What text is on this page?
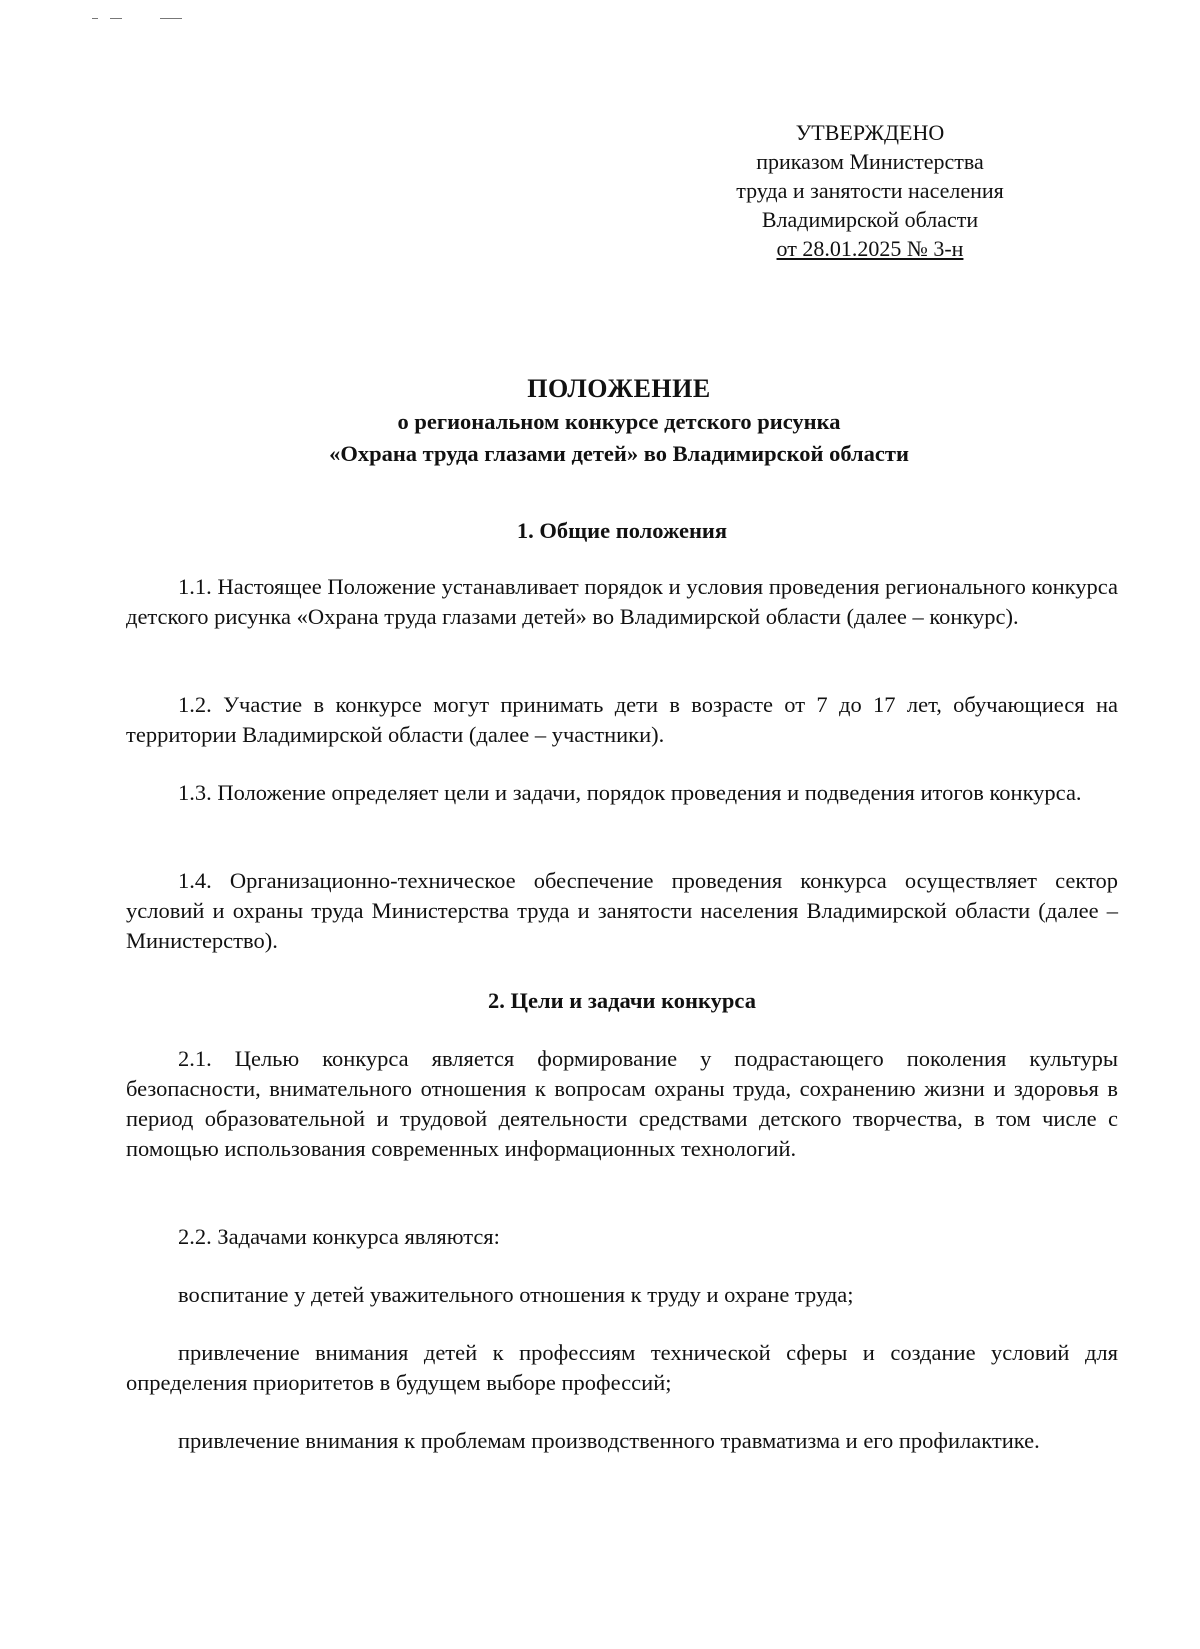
УТВЕРЖДЕНО
приказом Министерства
труда и занятости населения
Владимирской области
от 28.01.2025 № 3-н

ПОЛОЖЕНИЕ

о региональном конкурсе детского рисунка

«Охрана труда глазами детей» во Владимирской области

1. Общие положения

1.1. Настоящее Положение устанавливает порядок и условия проведения регионального конкурса детского рисунка «Охрана труда глазами детей» во Владимирской области (далее – конкурс).

1.2. Участие в конкурсе могут принимать дети в возрасте от 7 до 17 лет, обучающиеся на территории Владимирской области (далее – участники).

1.3. Положение определяет цели и задачи, порядок проведения и подведения итогов конкурса.

1.4. Организационно-техническое обеспечение проведения конкурса осуществляет сектор условий и охраны труда Министерства труда и занятости населения Владимирской области (далее – Министерство).

2. Цели и задачи конкурса

2.1. Целью конкурса является формирование у подрастающего поколения культуры безопасности, внимательного отношения к вопросам охраны труда, сохранению жизни и здоровья в период образовательной и трудовой деятельности средствами детского творчества, в том числе с помощью использования современных информационных технологий.

2.2. Задачами конкурса являются:

воспитание у детей уважительного отношения к труду и охране труда;

привлечение внимания детей к профессиям технической сферы и создание условий для определения приоритетов в будущем выборе профессий;

привлечение внимания к проблемам производственного травматизма и его профилактике.
